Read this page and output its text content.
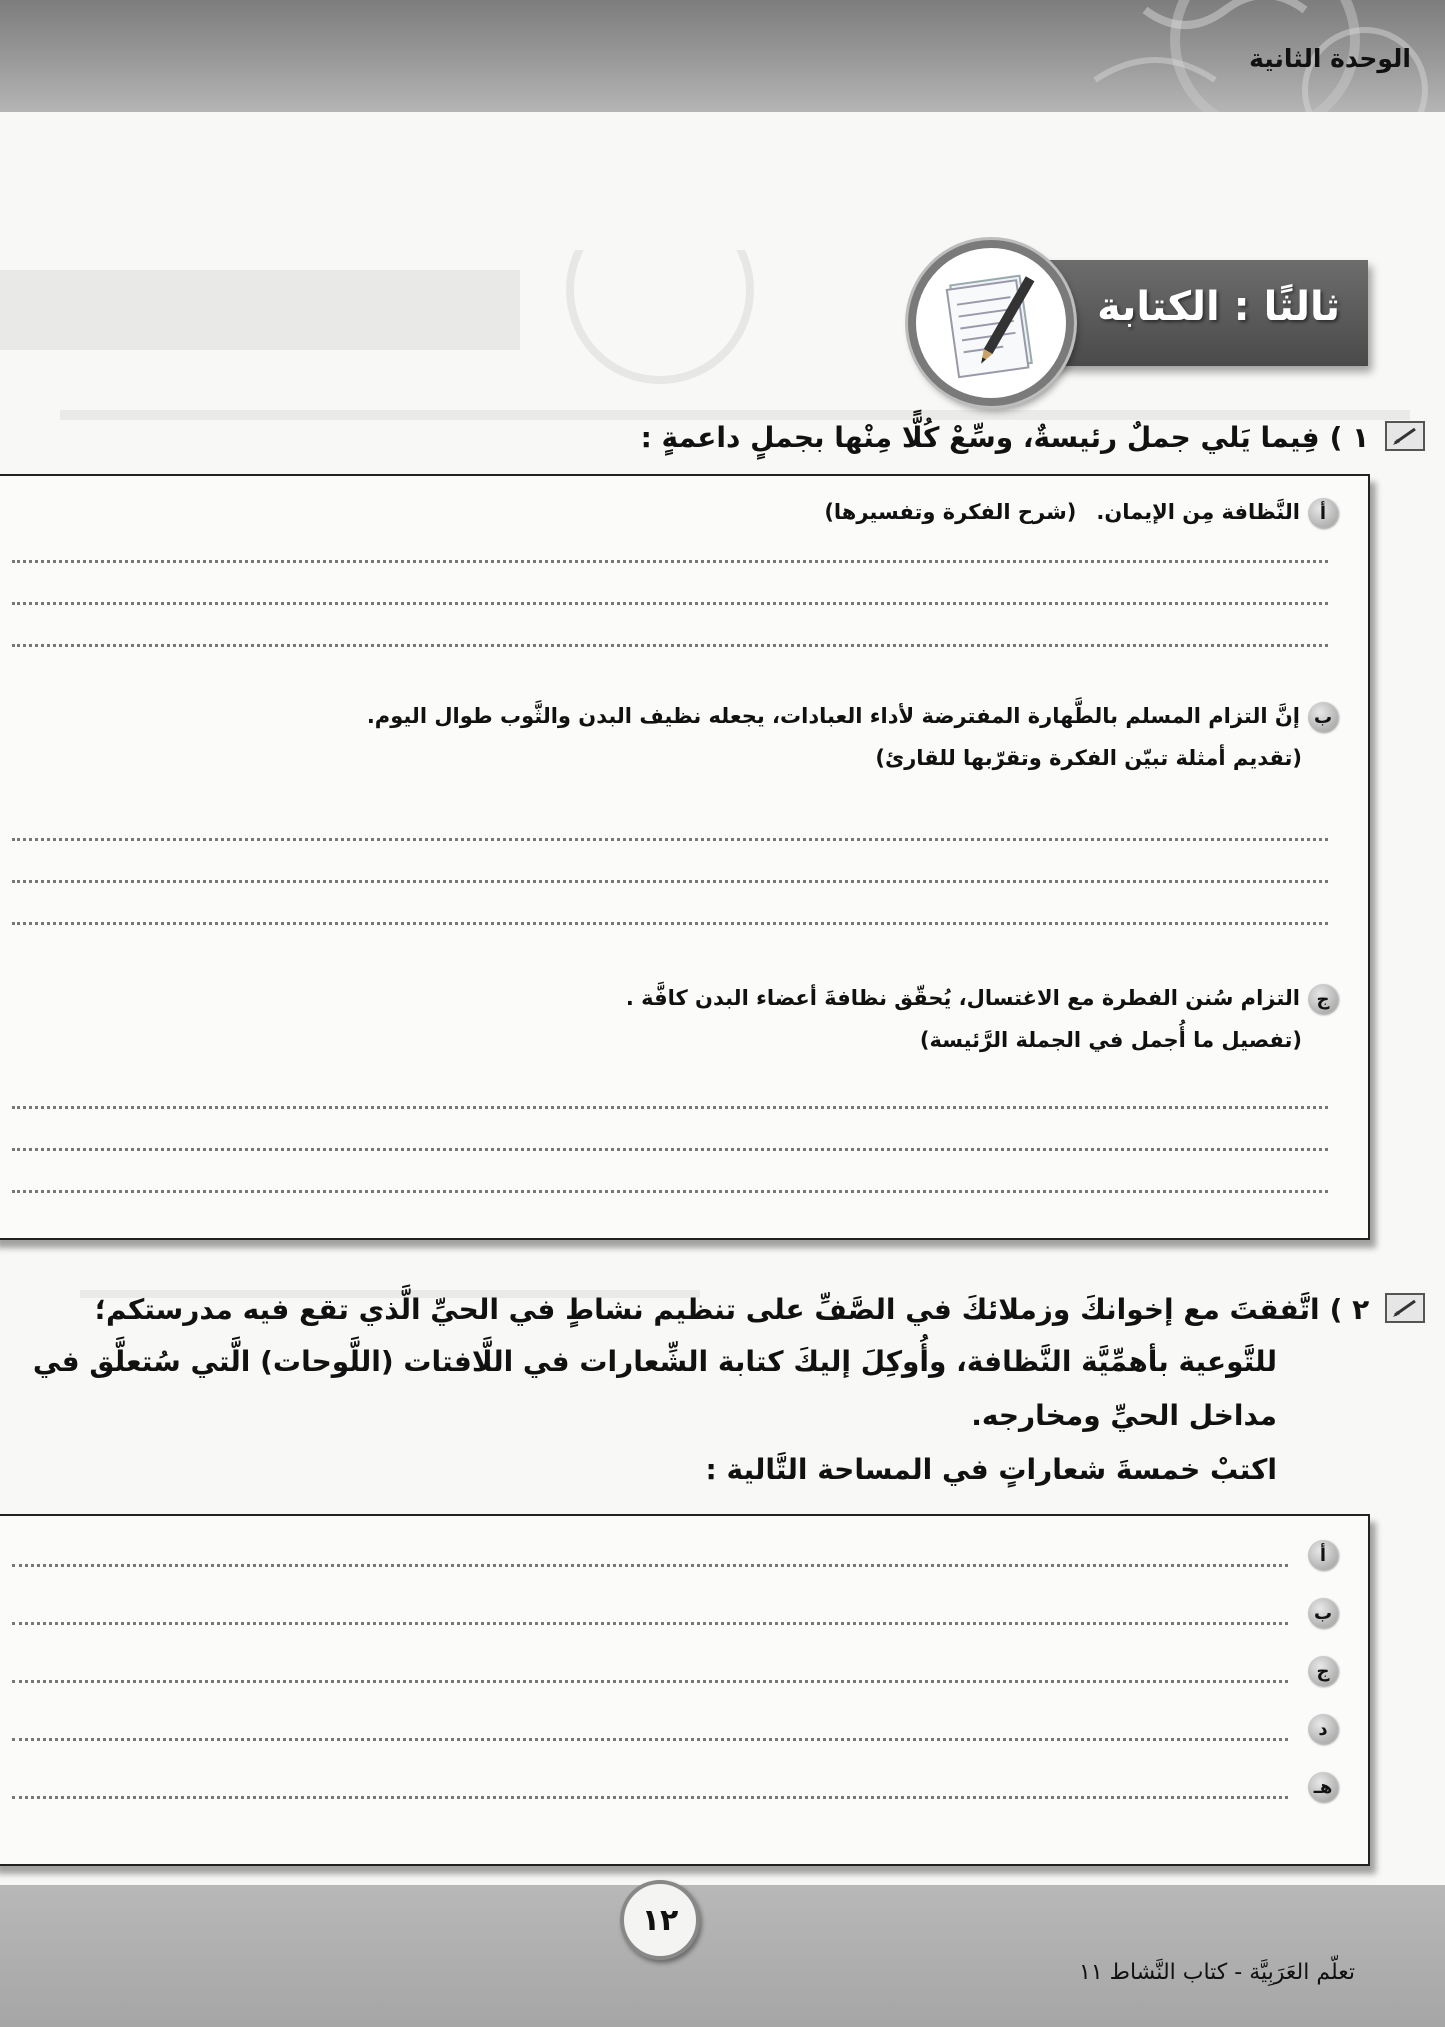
الوحدة الثانية
ثالثًا : الكتابة
١ )فِيما يَلي جملٌ رئيسةٌ، وسِّعْ كُلًّا مِنْها بجملٍ داعمةٍ :
أالنَّظافة مِن الإيمان.   (شرح الفكرة وتفسيرها)
بإنَّ التزام المسلم بالطَّهارة المفترضة لأداء العبادات، يجعله نظيف البدن والثَّوب طوال اليوم.
(تقديم أمثلة تبيّن الفكرة وتقرّبها للقارئ)
جالتزام سُنن الفطرة مع الاغتسال، يُحقّق نظافةَ أعضاء البدن كافَّة .
(تفصيل ما أُجمل في الجملة الرَّئيسة)
٢ )اتَّفقتَ مع إخوانكَ وزملائكَ في الصَّفِّ على تنظيم نشاطٍ في الحيِّ الَّذي تقع فيه مدرستكم؛
للتَّوعية بأهمِّيَّة النَّظافة، وأُوكِلَ إليكَ كتابة الشِّعارات في اللَّافتات (اللَّوحات) الَّتي سُتعلَّق في
مداخل الحيِّ ومخارجه.
اكتبْ خمسةَ شعاراتٍ في المساحة التَّالية :
أ
ب
ج
د
هـ
١٢
تعلّم العَرَبِيَّة - كتاب النَّشاط ١١
